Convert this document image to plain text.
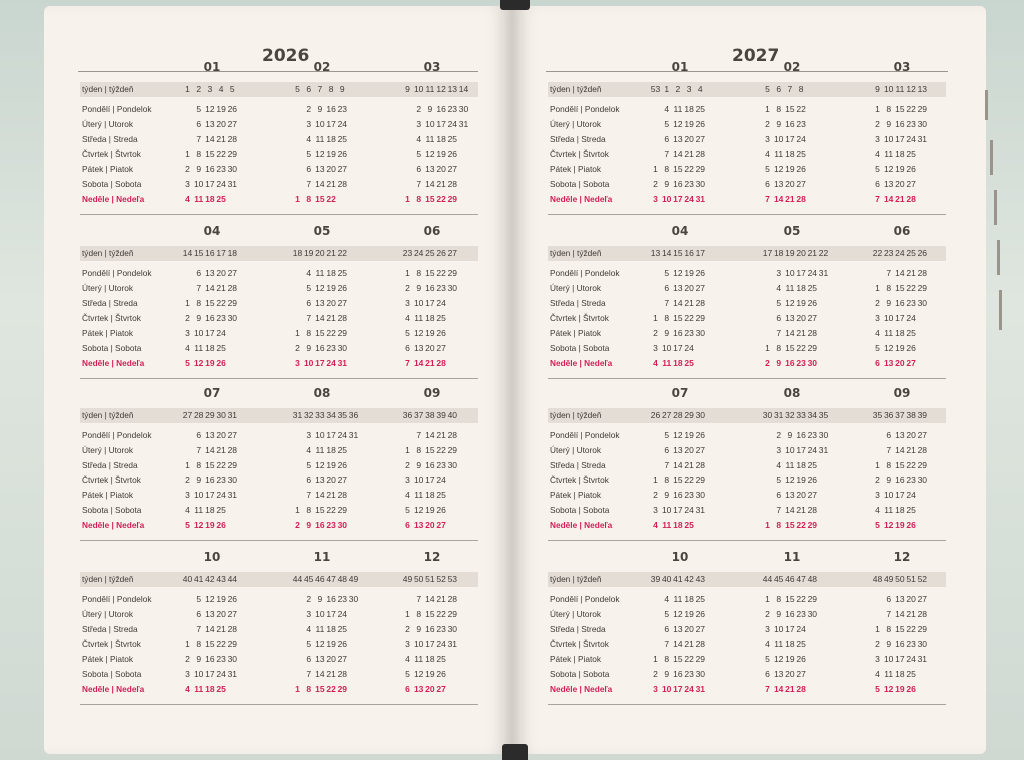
2026
týden | týždeň
Pondělí | Pondelok
Úterý | Utorok
Středa | Streda
Čtvrtek | Štvrtok
Pátek | Piatok
Sobota | Sobota
Neděle | Nedeľa
01
1 2 3 4 5
5 12 19 26
6 13 20 27
7 14 21 28
1 8 15 22 29
2 9 16 23 30
3 10 17 24 31
4 11 18 25
02
5 6 7 8 9
2 9 16 23
3 10 17 24
4 11 18 25
5 12 19 26
6 13 20 27
7 14 21 28
1 8 15 22
03
9 10 11 12 13 14
2 9 16 23 30
3 10 17 24 31
4 11 18 25
5 12 19 26
6 13 20 27
7 14 21 28
1 8 15 22 29
týden | týždeň
Pondělí | Pondelok
Úterý | Utorok
Středa | Streda
Čtvrtek | Štvrtok
Pátek | Piatok
Sobota | Sobota
Neděle | Nedeľa
04
14 15 16 17 18
6 13 20 27
7 14 21 28
1 8 15 22 29
2 9 16 23 30
3 10 17 24
4 11 18 25
5 12 19 26
05
18 19 20 21 22
4 11 18 25
5 12 19 26
6 13 20 27
7 14 21 28
1 8 15 22 29
2 9 16 23 30
3 10 17 24 31
06
23 24 25 26 27
1 8 15 22 29
2 9 16 23 30
3 10 17 24
4 11 18 25
5 12 19 26
6 13 20 27
7 14 21 28
týden | týždeň
Pondělí | Pondelok
Úterý | Utorok
Středa | Streda
Čtvrtek | Štvrtok
Pátek | Piatok
Sobota | Sobota
Neděle | Nedeľa
07
27 28 29 30 31
6 13 20 27
7 14 21 28
1 8 15 22 29
2 9 16 23 30
3 10 17 24 31
4 11 18 25
5 12 19 26
08
31 32 33 34 35 36
3 10 17 24 31
4 11 18 25
5 12 19 26
6 13 20 27
7 14 21 28
1 8 15 22 29
2 9 16 23 30
09
36 37 38 39 40
7 14 21 28
1 8 15 22 29
2 9 16 23 30
3 10 17 24
4 11 18 25
5 12 19 26
6 13 20 27
týden | týždeň
Pondělí | Pondelok
Úterý | Utorok
Středa | Streda
Čtvrtek | Štvrtok
Pátek | Piatok
Sobota | Sobota
Neděle | Nedeľa
10
40 41 42 43 44
5 12 19 26
6 13 20 27
7 14 21 28
1 8 15 22 29
2 9 16 23 30
3 10 17 24 31
4 11 18 25
11
44 45 46 47 48 49
2 9 16 23 30
3 10 17 24
4 11 18 25
5 12 19 26
6 13 20 27
7 14 21 28
1 8 15 22 29
12
49 50 51 52 53
7 14 21 28
1 8 15 22 29
2 9 16 23 30
3 10 17 24 31
4 11 18 25
5 12 19 26
6 13 20 27
2027
týden | týždeň
Pondělí | Pondelok
Úterý | Utorok
Středa | Streda
Čtvrtek | Štvrtok
Pátek | Piatok
Sobota | Sobota
Neděle | Nedeľa
01
53 1 2 3 4
4 11 18 25
5 12 19 26
6 13 20 27
7 14 21 28
1 8 15 22 29
2 9 16 23 30
3 10 17 24 31
02
5 6 7 8
1 8 15 22
2 9 16 23
3 10 17 24
4 11 18 25
5 12 19 26
6 13 20 27
7 14 21 28
03
9 10 11 12 13
1 8 15 22 29
2 9 16 23 30
3 10 17 24 31
4 11 18 25
5 12 19 26
6 13 20 27
7 14 21 28
týden | týždeň
Pondělí | Pondelok
Úterý | Utorok
Středa | Streda
Čtvrtek | Štvrtok
Pátek | Piatok
Sobota | Sobota
Neděle | Nedeľa
04
13 14 15 16 17
5 12 19 26
6 13 20 27
7 14 21 28
1 8 15 22 29
2 9 16 23 30
3 10 17 24
4 11 18 25
05
17 18 19 20 21 22
3 10 17 24 31
4 11 18 25
5 12 19 26
6 13 20 27
7 14 21 28
1 8 15 22 29
2 9 16 23 30
06
22 23 24 25 26
7 14 21 28
1 8 15 22 29
2 9 16 23 30
3 10 17 24
4 11 18 25
5 12 19 26
6 13 20 27
týden | týždeň
Pondělí | Pondelok
Úterý | Utorok
Středa | Streda
Čtvrtek | Štvrtok
Pátek | Piatok
Sobota | Sobota
Neděle | Nedeľa
07
26 27 28 29 30
5 12 19 26
6 13 20 27
7 14 21 28
1 8 15 22 29
2 9 16 23 30
3 10 17 24 31
4 11 18 25
08
30 31 32 33 34 35
2 9 16 23 30
3 10 17 24 31
4 11 18 25
5 12 19 26
6 13 20 27
7 14 21 28
1 8 15 22 29
09
35 36 37 38 39
6 13 20 27
7 14 21 28
1 8 15 22 29
2 9 16 23 30
3 10 17 24
4 11 18 25
5 12 19 26
týden | týždeň
Pondělí | Pondelok
Úterý | Utorok
Středa | Streda
Čtvrtek | Štvrtok
Pátek | Piatok
Sobota | Sobota
Neděle | Nedeľa
10
39 40 41 42 43
4 11 18 25
5 12 19 26
6 13 20 27
7 14 21 28
1 8 15 22 29
2 9 16 23 30
3 10 17 24 31
11
44 45 46 47 48
1 8 15 22 29
2 9 16 23 30
3 10 17 24
4 11 18 25
5 12 19 26
6 13 20 27
7 14 21 28
12
48 49 50 51 52
6 13 20 27
7 14 21 28
1 8 15 22 29
2 9 16 23 30
3 10 17 24 31
4 11 18 25
5 12 19 26
